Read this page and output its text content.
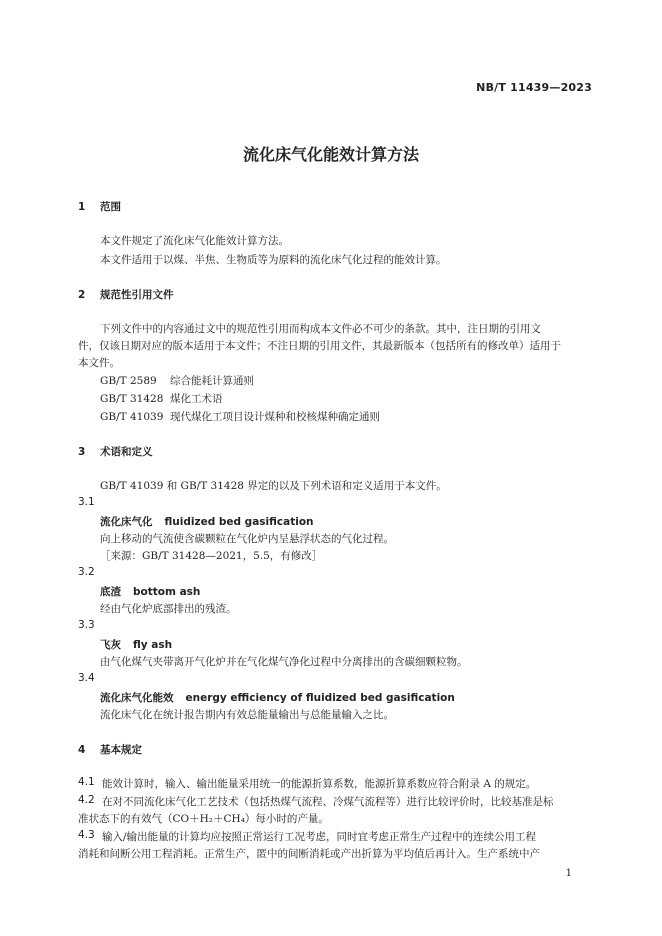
NB/T 11439—2023
流化床气化能效计算方法
1 范围
本文件规定了流化床气化能效计算方法。
本文件适用于以煤、半焦、生物质等为原料的流化床气化过程的能效计算。
2 规范性引用文件
下列文件中的内容通过文中的规范性引用而构成本文件必不可少的条款。其中，注日期的引用文
件，仅该日期对应的版本适用于本文件；不注日期的引用文件，其最新版本（包括所有的修改单）适用于
本文件。
GB/T 2589 综合能耗计算通则
GB/T 31428 煤化工术语
GB/T 41039 现代煤化工项目设计煤种和校核煤种确定通则
3 术语和定义
GB/T 41039 和 GB/T 31428 界定的以及下列术语和定义适用于本文件。
3.1
流化床气化 fluidized bed gasification
向上移动的气流使含碳颗粒在气化炉内呈悬浮状态的气化过程。
［来源：GB/T 31428—2021，5.5，有修改］
3.2
底渣 bottom ash
经由气化炉底部排出的残渣。
3.3
飞灰 fly ash
由气化煤气夹带离开气化炉并在气化煤气净化过程中分离排出的含碳细颗粒物。
3.4
流化床气化能效 energy efficiency of fluidized bed gasification
流化床气化在统计报告期内有效总能量输出与总能量输入之比。
4 基本规定
4.1 能效计算时，输入、输出能量采用统一的能源折算系数，能源折算系数应符合附录 A 的规定。
4.2 在对不同流化床气化工艺技术（包括热煤气流程、冷煤气流程等）进行比较评价时，比较基准是标
准状态下的有效气（CO＋H₂＋CH₄）每小时的产量。
4.3 输入/输出能量的计算均应按照正常运行工况考虑，同时宜考虑正常生产过程中的连续公用工程
消耗和间断公用工程消耗。正常生产，匿中的间断消耗或产出折算为平均值后再计入。生产系统中产
1
